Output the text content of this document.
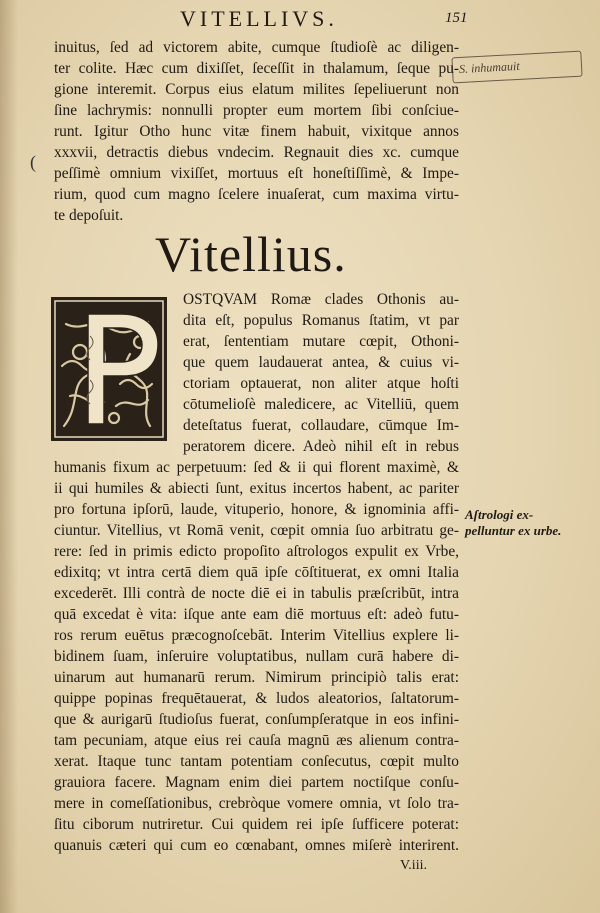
VITELLIVS.	151
S. inhumauit
(
inuitus, ſed ad victorem abite, cumque ſtudioſè ac diligen-
ter colite. Hæc cum dixiſſet, ſeceſſit in thalamum, ſeque pu-
gione interemit. Corpus eius elatum milites ſepeliuerunt non
ſine lachrymis: nonnulli propter eum mortem ſibi conſciue-
runt. Igitur Otho hunc vitæ finem habuit, vixitque annos
xxxvii, detractis diebus vndecim. Regnauit dies xc. cumque
peſſimè omnium vixiſſet, mortuus eſt honeſtiſſimè, & Impe-
rium, quod cum magno ſcelere inuaſerat, cum maxima virtu-
te depoſuit.
Vitellius.
OSTQVAM Romæ clades Othonis au-
dita eſt, populus Romanus ſtatim, vt par
erat, ſententiam mutare cœpit, Othoni-
que quem laudauerat antea, & cuius vi-
ctoriam optauerat, non aliter atque hoſti
cōtumelioſè maledicere, ac Vitelliū, quem
deteſtatus fuerat, collaudare, cūmque Im-
peratorem dicere. Adeò nihil eſt in rebus
humanis fixum ac perpetuum: ſed & ii qui florent maximè, &
ii qui humiles & abiecti ſunt, exitus incertos habent, ac pariter
pro fortuna ipſorū, laude, vituperio, honore, & ignominia affi-
ciuntur. Vitellius, vt Romā venit, cœpit omnia ſuo arbitratu ge-
rere: ſed in primis edicto propoſito aſtrologos expulit ex Vrbe,
edixitq; vt intra certā diem quā ipſe cōſtituerat, ex omni Italia
excederēt. Illi contrà de nocte diē ei in tabulis præſcribūt, intra
quā excedat è vita: iſque ante eam diē mortuus eſt: adeò futu-
ros rerum euētus præcognoſcebāt. Interim Vitellius explere li-
bidinem ſuam, inſeruire voluptatibus, nullam curā habere di-
uinarum aut humanarū rerum. Nimirum principiò talis erat:
quippe popinas frequētauerat, & ludos aleatorios, ſaltatorum-
que & aurigarū ſtudioſus fuerat, conſumpſeratque in eos infini-
tam pecuniam, atque eius rei cauſa magnū æs alienum contra-
xerat. Itaque tunc tantam potentiam conſecutus, cœpit multo
grauiora facere. Magnam enim diei partem noctiſque conſu-
mere in comeſſationibus, crebròque vomere omnia, vt ſolo tra-
ſitu ciborum nutriretur. Cui quidem rei ipſe ſufficere poterat:
quanuis cæteri qui cum eo cœnabant, omnes miſerè interirent.
Aſtrologi ex-pelluntur ex urbe.
V.iii.
